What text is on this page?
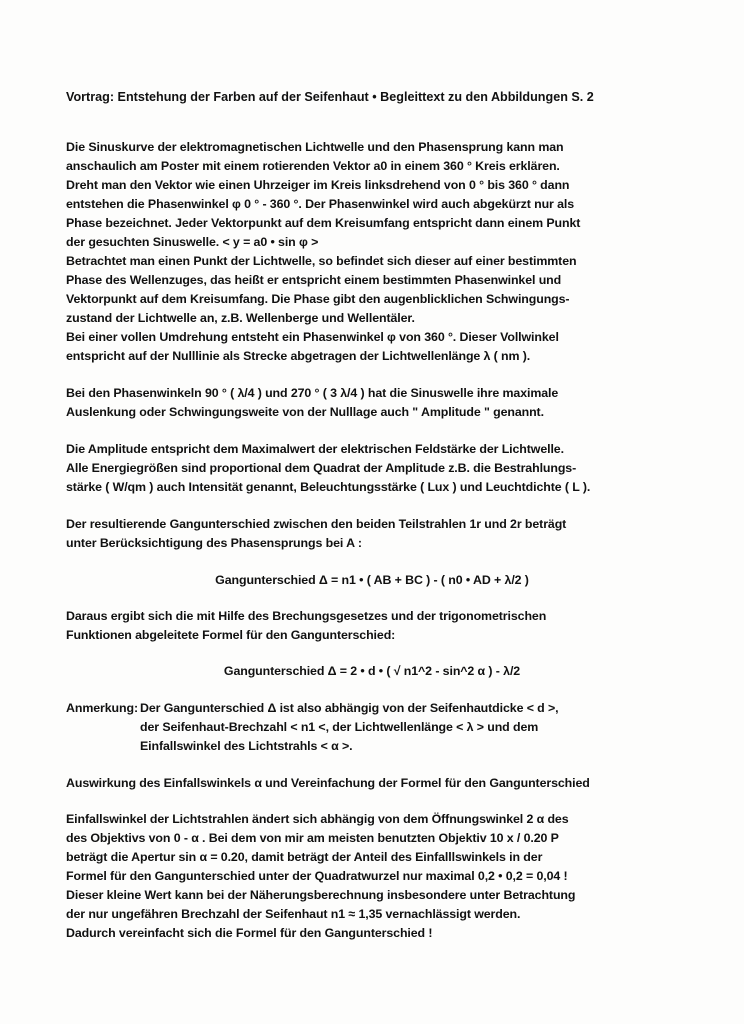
Vortrag: Entstehung der Farben auf der Seifenhaut • Begleittext zu den Abbildungen S. 2
Die Sinuskurve der elektromagnetischen Lichtwelle und den Phasensprung kann man
anschaulich am Poster mit einem rotierenden Vektor a0 in einem 360 ° Kreis erklären.
Dreht man den Vektor wie einen Uhrzeiger im Kreis linksdrehend von 0 ° bis 360 ° dann
entstehen die Phasenwinkel φ 0 ° - 360 °. Der Phasenwinkel wird auch abgekürzt nur als
Phase bezeichnet. Jeder Vektorpunkt auf dem Kreisumfang entspricht dann einem Punkt
der gesuchten Sinuswelle. < y = a0 • sin φ >
Betrachtet man einen Punkt der Lichtwelle, so befindet sich dieser auf einer bestimmten
Phase des Wellenzuges, das heißt er entspricht einem bestimmten Phasenwinkel und
Vektorpunkt auf dem Kreisumfang. Die Phase gibt den augenblicklichen Schwingungs-
zustand der Lichtwelle an, z.B. Wellenberge und Wellentäler.
Bei einer vollen Umdrehung entsteht ein Phasenwinkel φ von 360 °. Dieser Vollwinkel
entspricht auf der Nulllinie als Strecke abgetragen der Lichtwellenlänge λ ( nm ).
Bei den Phasenwinkeln 90 ° ( λ/4 ) und 270 ° ( 3 λ/4 ) hat die Sinuswelle ihre maximale
Auslenkung oder Schwingungsweite von der Nulllage auch " Amplitude " genannt.
Die Amplitude entspricht dem Maximalwert der elektrischen Feldstärke der Lichtwelle.
Alle Energiegrößen sind proportional dem Quadrat der Amplitude z.B. die Bestrahlungs-
stärke ( W/qm ) auch Intensität genannt, Beleuchtungsstärke ( Lux ) und Leuchtdichte ( L ).
Der resultierende Gangunterschied zwischen den beiden Teilstrahlen 1r und 2r beträgt
unter Berücksichtigung des Phasensprungs bei A :
Gangunterschied Δ = n1 • ( AB + BC ) - ( n0 • AD + λ/2 )
Daraus ergibt sich die mit Hilfe des Brechungsgesetzes und der trigonometrischen
Funktionen abgeleitete Formel für den Gangunterschied:
Gangunterschied Δ = 2 • d • ( √ n1^2 - sin^2 α ) - λ/2
Anmerkung: Der Gangunterschied Δ ist also abhängig von der Seifenhautdicke < d >,
der Seifenhaut-Brechzahl < n1 <, der Lichtwellenlänge < λ > und dem
Einfallswinkel des Lichtstrahls < α >.
Auswirkung des Einfallswinkels α und Vereinfachung der Formel für den Gangunterschied
Einfallswinkel der Lichtstrahlen ändert sich abhängig von dem Öffnungswinkel 2 α des
des Objektivs von 0 - α . Bei dem von mir am meisten benutzten Objektiv 10 x / 0.20 P
beträgt die Apertur sin α = 0.20, damit beträgt der Anteil des Einfalllswinkels in der
Formel für den Gangunterschied unter der Quadratwurzel nur maximal 0,2 • 0,2 = 0,04 !
Dieser kleine Wert kann bei der Näherungsberechnung insbesondere unter Betrachtung
der nur ungefähren Brechzahl der Seifenhaut n1 ≈ 1,35 vernachlässigt werden.
Dadurch vereinfacht sich die Formel für den Gangunterschied !
